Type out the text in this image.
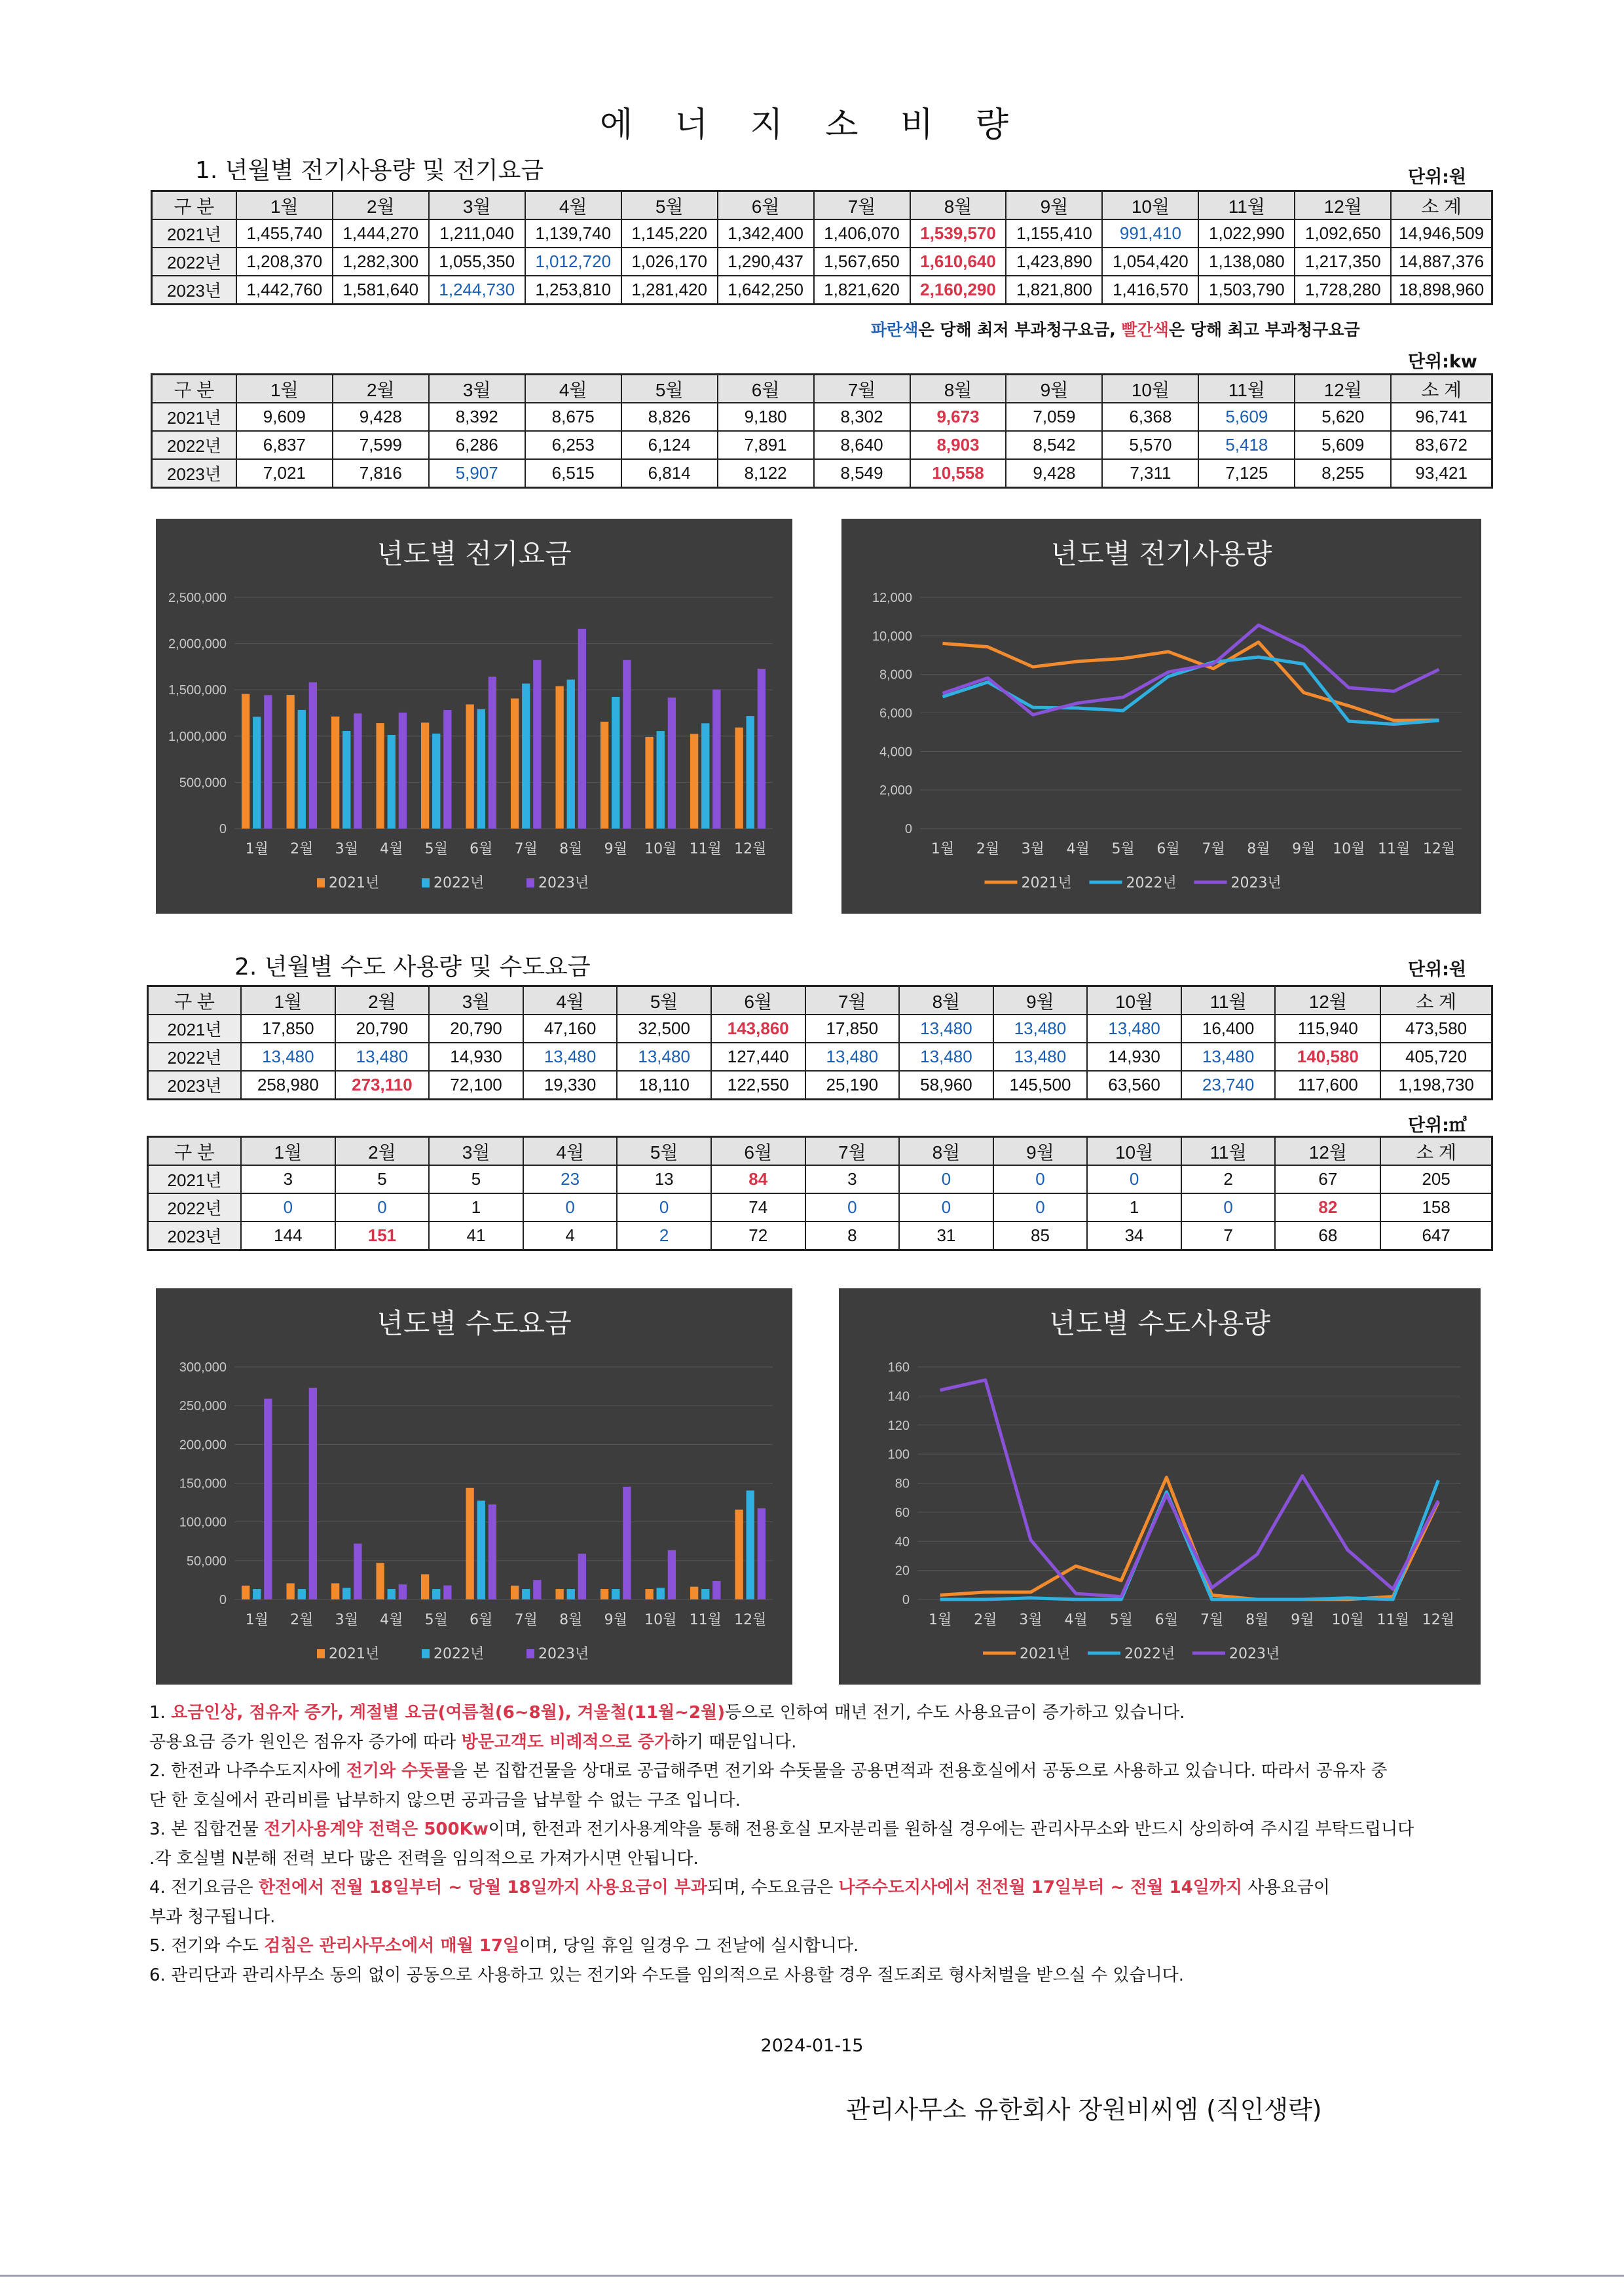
에 너 지 소 비 량
1. 년월별 전기사용량 및 전기요금	단위:원
구 분	1월	2월	3월	4월	5월	6월	7월	8월	9월	10월	11월	12월	소 계
2021년	1,455,740	1,444,270	1,211,040	1,139,740	1,145,220	1,342,400	1,406,070	1,539,570	1,155,410	991,410	1,022,990	1,092,650	14,946,509
2022년	1,208,370	1,282,300	1,055,350	1,012,720	1,026,170	1,290,437	1,567,650	1,610,640	1,423,890	1,054,420	1,138,080	1,217,350	14,887,376
2023년	1,442,760	1,581,640	1,244,730	1,253,810	1,281,420	1,642,250	1,821,620	2,160,290	1,821,800	1,416,570	1,503,790	1,728,280	18,898,960
파란색은 당해 최저 부과청구요금, 빨간색은 당해 최고 부과청구요금
단위:kw
구 분	1월	2월	3월	4월	5월	6월	7월	8월	9월	10월	11월	12월	소 계
2021년	9,609	9,428	8,392	8,675	8,826	9,180	8,302	9,673	7,059	6,368	5,609	5,620	96,741
2022년	6,837	7,599	6,286	6,253	6,124	7,891	8,640	8,903	8,542	5,570	5,418	5,609	83,672
2023년	7,021	7,816	5,907	6,515	6,814	8,122	8,549	10,558	9,428	7,311	7,125	8,255	93,421
년도별 전기요금
2,500,000
2,000,000
1,500,000
1,000,000
500,000
0
1월 2월 3월 4월 5월 6월 7월 8월 9월 10월 11월 12월
2021년	2022년	2023년
년도별 전기사용량
12,000
10,000
8,000
6,000
4,000
2,000
0
1월 2월 3월 4월 5월 6월 7월 8월 9월 10월 11월 12월
2021년	2022년	2023년
2. 년월별 수도 사용량 및 수도요금	단위:원
구 분	1월	2월	3월	4월	5월	6월	7월	8월	9월	10월	11월	12월	소 계
2021년	17,850	20,790	20,790	47,160	32,500	143,860	17,850	13,480	13,480	13,480	16,400	115,940	473,580
2022년	13,480	13,480	14,930	13,480	13,480	127,440	13,480	13,480	13,480	14,930	13,480	140,580	405,720
2023년	258,980	273,110	72,100	19,330	18,110	122,550	25,190	58,960	145,500	63,560	23,740	117,600	1,198,730
단위:㎥
구 분	1월	2월	3월	4월	5월	6월	7월	8월	9월	10월	11월	12월	소 계
2021년	3	5	5	23	13	84	3	0	0	0	2	67	205
2022년	0	0	1	0	0	74	0	0	0	1	0	82	158
2023년	144	151	41	4	2	72	8	31	85	34	7	68	647
년도별 수도요금
300,000
250,000
200,000
150,000
100,000
50,000
0
1월 2월 3월 4월 5월 6월 7월 8월 9월 10월 11월 12월
2021년	2022년	2023년
년도별 수도사용량
160
140
120
100
80
60
40
20
0
1월 2월 3월 4월 5월 6월 7월 8월 9월 10월 11월 12월
2021년	2022년	2023년

1. 요금인상, 점유자 증가, 계절별 요금(여름철(6~8월), 겨울철(11월~2월)등으로 인하여 매년 전기, 수도 사용요금이 증가하고 있습니다.

공용요금 증가 원인은 점유자 증가에 따라 방문고객도 비례적으로 증가하기 때문입니다.

2. 한전과 나주수도지사에 전기와 수돗물을 본 집합건물을 상대로 공급해주면 전기와 수돗물을 공용면적과 전용호실에서 공동으로 사용하고 있습니다. 따라서 공유자 중

단 한 호실에서 관리비를 납부하지 않으면 공과금을 납부할 수 없는 구조 입니다.

3. 본 집합건물 전기사용계약 전력은 500Kw이며, 한전과 전기사용계약을 통해 전용호실 모자분리를 원하실 경우에는 관리사무소와 반드시 상의하여 주시길 부탁드립니다

.각 호실별 N분해 전력 보다 많은 전력을 임의적으로 가져가시면 안됩니다.

4. 전기요금은 한전에서 전월 18일부터 ~ 당월 18일까지 사용요금이 부과되며, 수도요금은 나주수도지사에서 전전월 17일부터 ~ 전월 14일까지 사용요금이

부과 청구됩니다.

5. 전기와 수도 검침은 관리사무소에서 매월 17일이며, 당일 휴일 일경우 그 전날에 실시합니다.

6. 관리단과 관리사무소 동의 없이 공동으로 사용하고 있는 전기와 수도를 임의적으로 사용할 경우 절도죄로 형사처벌을 받으실 수 있습니다.

2024-01-15
관리사무소 유한회사 장원비씨엠 (직인생략)
